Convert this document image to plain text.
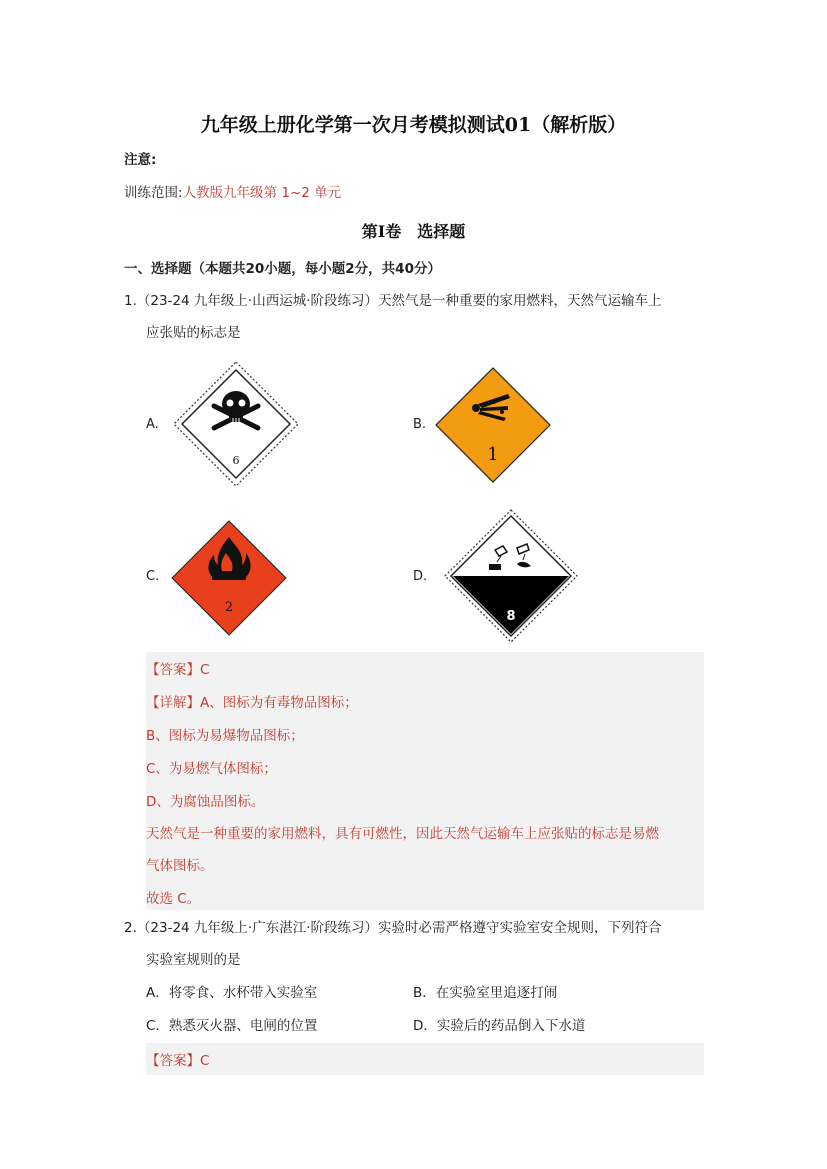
九年级上册化学第一次月考模拟测试01（解析版）
注意:
训练范围:人教版九年级第 1~2 单元
第Ⅰ卷　选择题
一、选择题（本题共20小题，每小题2分，共40分）
1.（23-24 九年级上·山西运城·阶段练习）天然气是一种重要的家用燃料，天然气运输车上
应张贴的标志是
A.
6
B.
1
C.
2
D.
8
【答案】C
【详解】A、图标为有毒物品图标；
B、图标为易爆物品图标；
C、为易燃气体图标；
D、为腐蚀品图标。
天然气是一种重要的家用燃料，具有可燃性，因此天然气运输车上应张贴的标志是易燃
气体图标。
故选 C。
2.（23-24 九年级上·广东湛江·阶段练习）实验时必需严格遵守实验室安全规则，下列符合
实验室规则的是
A．将零食、水杯带入实验室	B．在实验室里追逐打闹
C．熟悉灭火器、电闸的位置	D．实验后的药品倒入下水道
【答案】C
